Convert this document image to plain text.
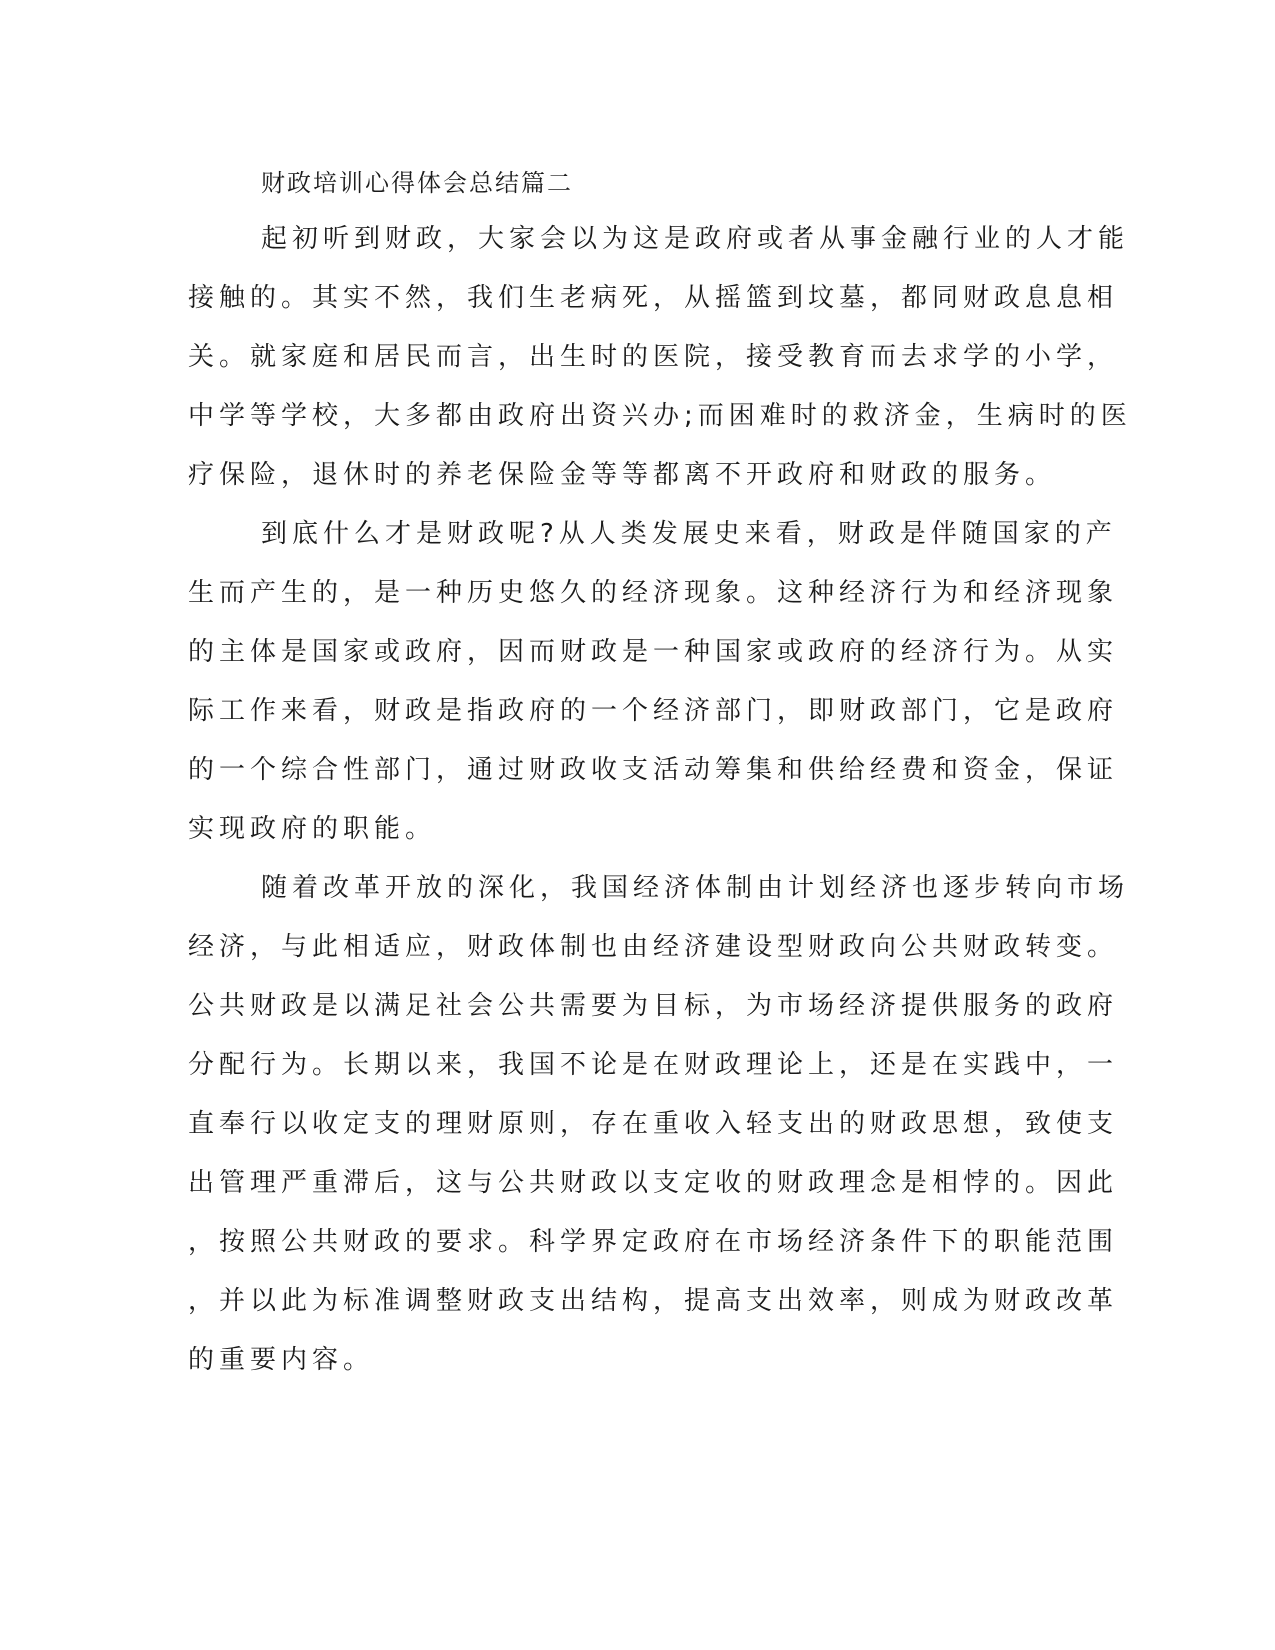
财政培训心得体会总结篇二

起初听到财政，大家会以为这是政府或者从事金融行业的人才能

接触的。其实不然，我们生老病死，从摇篮到坟墓，都同财政息息相

关。就家庭和居民而言，出生时的医院，接受教育而去求学的小学，

中学等学校，大多都由政府出资兴办;而困难时的救济金，生病时的医

疗保险，退休时的养老保险金等等都离不开政府和财政的服务。

到底什么才是财政呢?从人类发展史来看，财政是伴随国家的产

生而产生的，是一种历史悠久的经济现象。这种经济行为和经济现象

的主体是国家或政府，因而财政是一种国家或政府的经济行为。从实

际工作来看，财政是指政府的一个经济部门，即财政部门，它是政府

的一个综合性部门，通过财政收支活动筹集和供给经费和资金，保证

实现政府的职能。

随着改革开放的深化，我国经济体制由计划经济也逐步转向市场

经济，与此相适应，财政体制也由经济建设型财政向公共财政转变。

公共财政是以满足社会公共需要为目标，为市场经济提供服务的政府

分配行为。长期以来，我国不论是在财政理论上，还是在实践中，一

直奉行以收定支的理财原则，存在重收入轻支出的财政思想，致使支

出管理严重滞后，这与公共财政以支定收的财政理念是相悖的。因此

，按照公共财政的要求。科学界定政府在市场经济条件下的职能范围

，并以此为标准调整财政支出结构，提高支出效率，则成为财政改革

的重要内容。
